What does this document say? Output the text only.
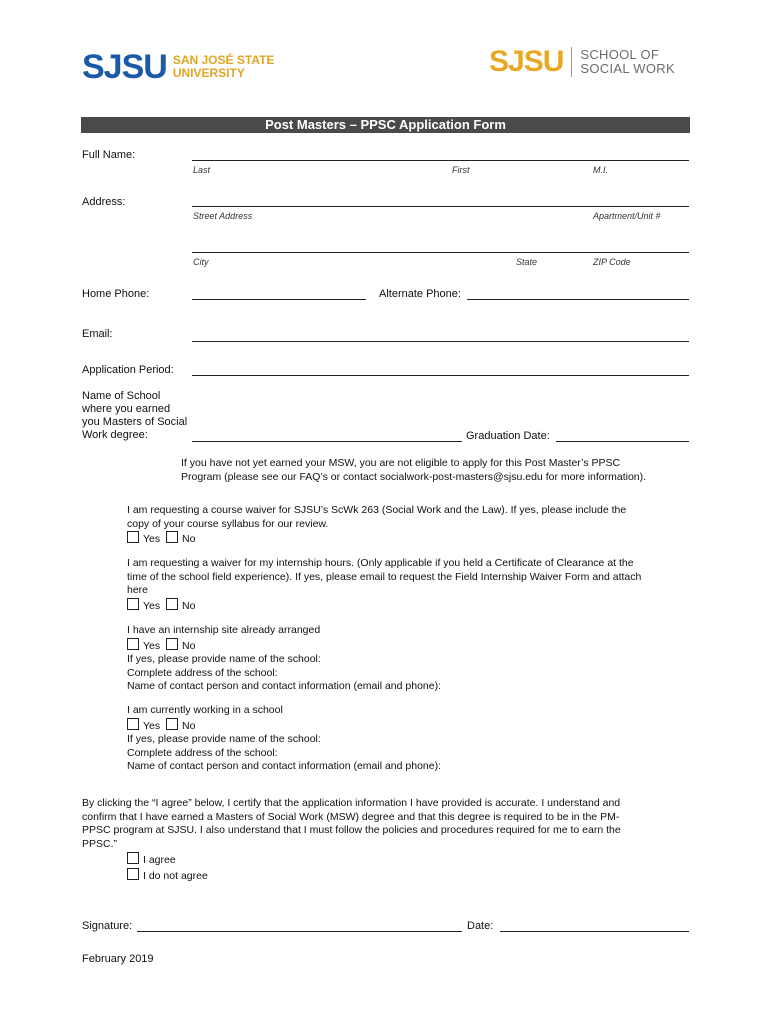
SJSU SAN JOSÉ STATE
UNIVERSITY	SJSU SCHOOL OF
SOCIAL WORK
Post Masters – PPSC Application Form
Full Name:
Last	First	M.I.
Address:
Street Address	Apartment/Unit #
City	State	ZIP Code
Home Phone:	Alternate Phone:
Email:
Application Period:
Name of School
where you earned
you Masters of Social
Work degree:	Graduation Date:
If you have not yet earned your MSW, you are not eligible to apply for this Post Master’s PPSC
Program (please see our FAQ’s or contact socialwork-post-masters@sjsu.edu for more information).
I am requesting a course waiver for SJSU’s ScWk 263 (Social Work and the Law). If yes, please include the
copy of your course syllabus for our review.
Yes No
I am requesting a waiver for my internship hours. (Only applicable if you held a Certificate of Clearance at the
time of the school field experience). If yes, please email to request the Field Internship Waiver Form and attach
here
Yes No
I have an internship site already arranged
Yes No
If yes, please provide name of the school:
Complete address of the school:
Name of contact person and contact information (email and phone):
I am currently working in a school
Yes No
If yes, please provide name of the school:
Complete address of the school:
Name of contact person and contact information (email and phone):
By clicking the “I agree” below, I certify that the application information I have provided is accurate. I understand and
confirm that I have earned a Masters of Social Work (MSW) degree and that this degree is required to be in the PM-
PPSC program at SJSU. I also understand that I must follow the policies and procedures required for me to earn the
PPSC.”
I agree
I do not agree
Signature:	Date:
February 2019
